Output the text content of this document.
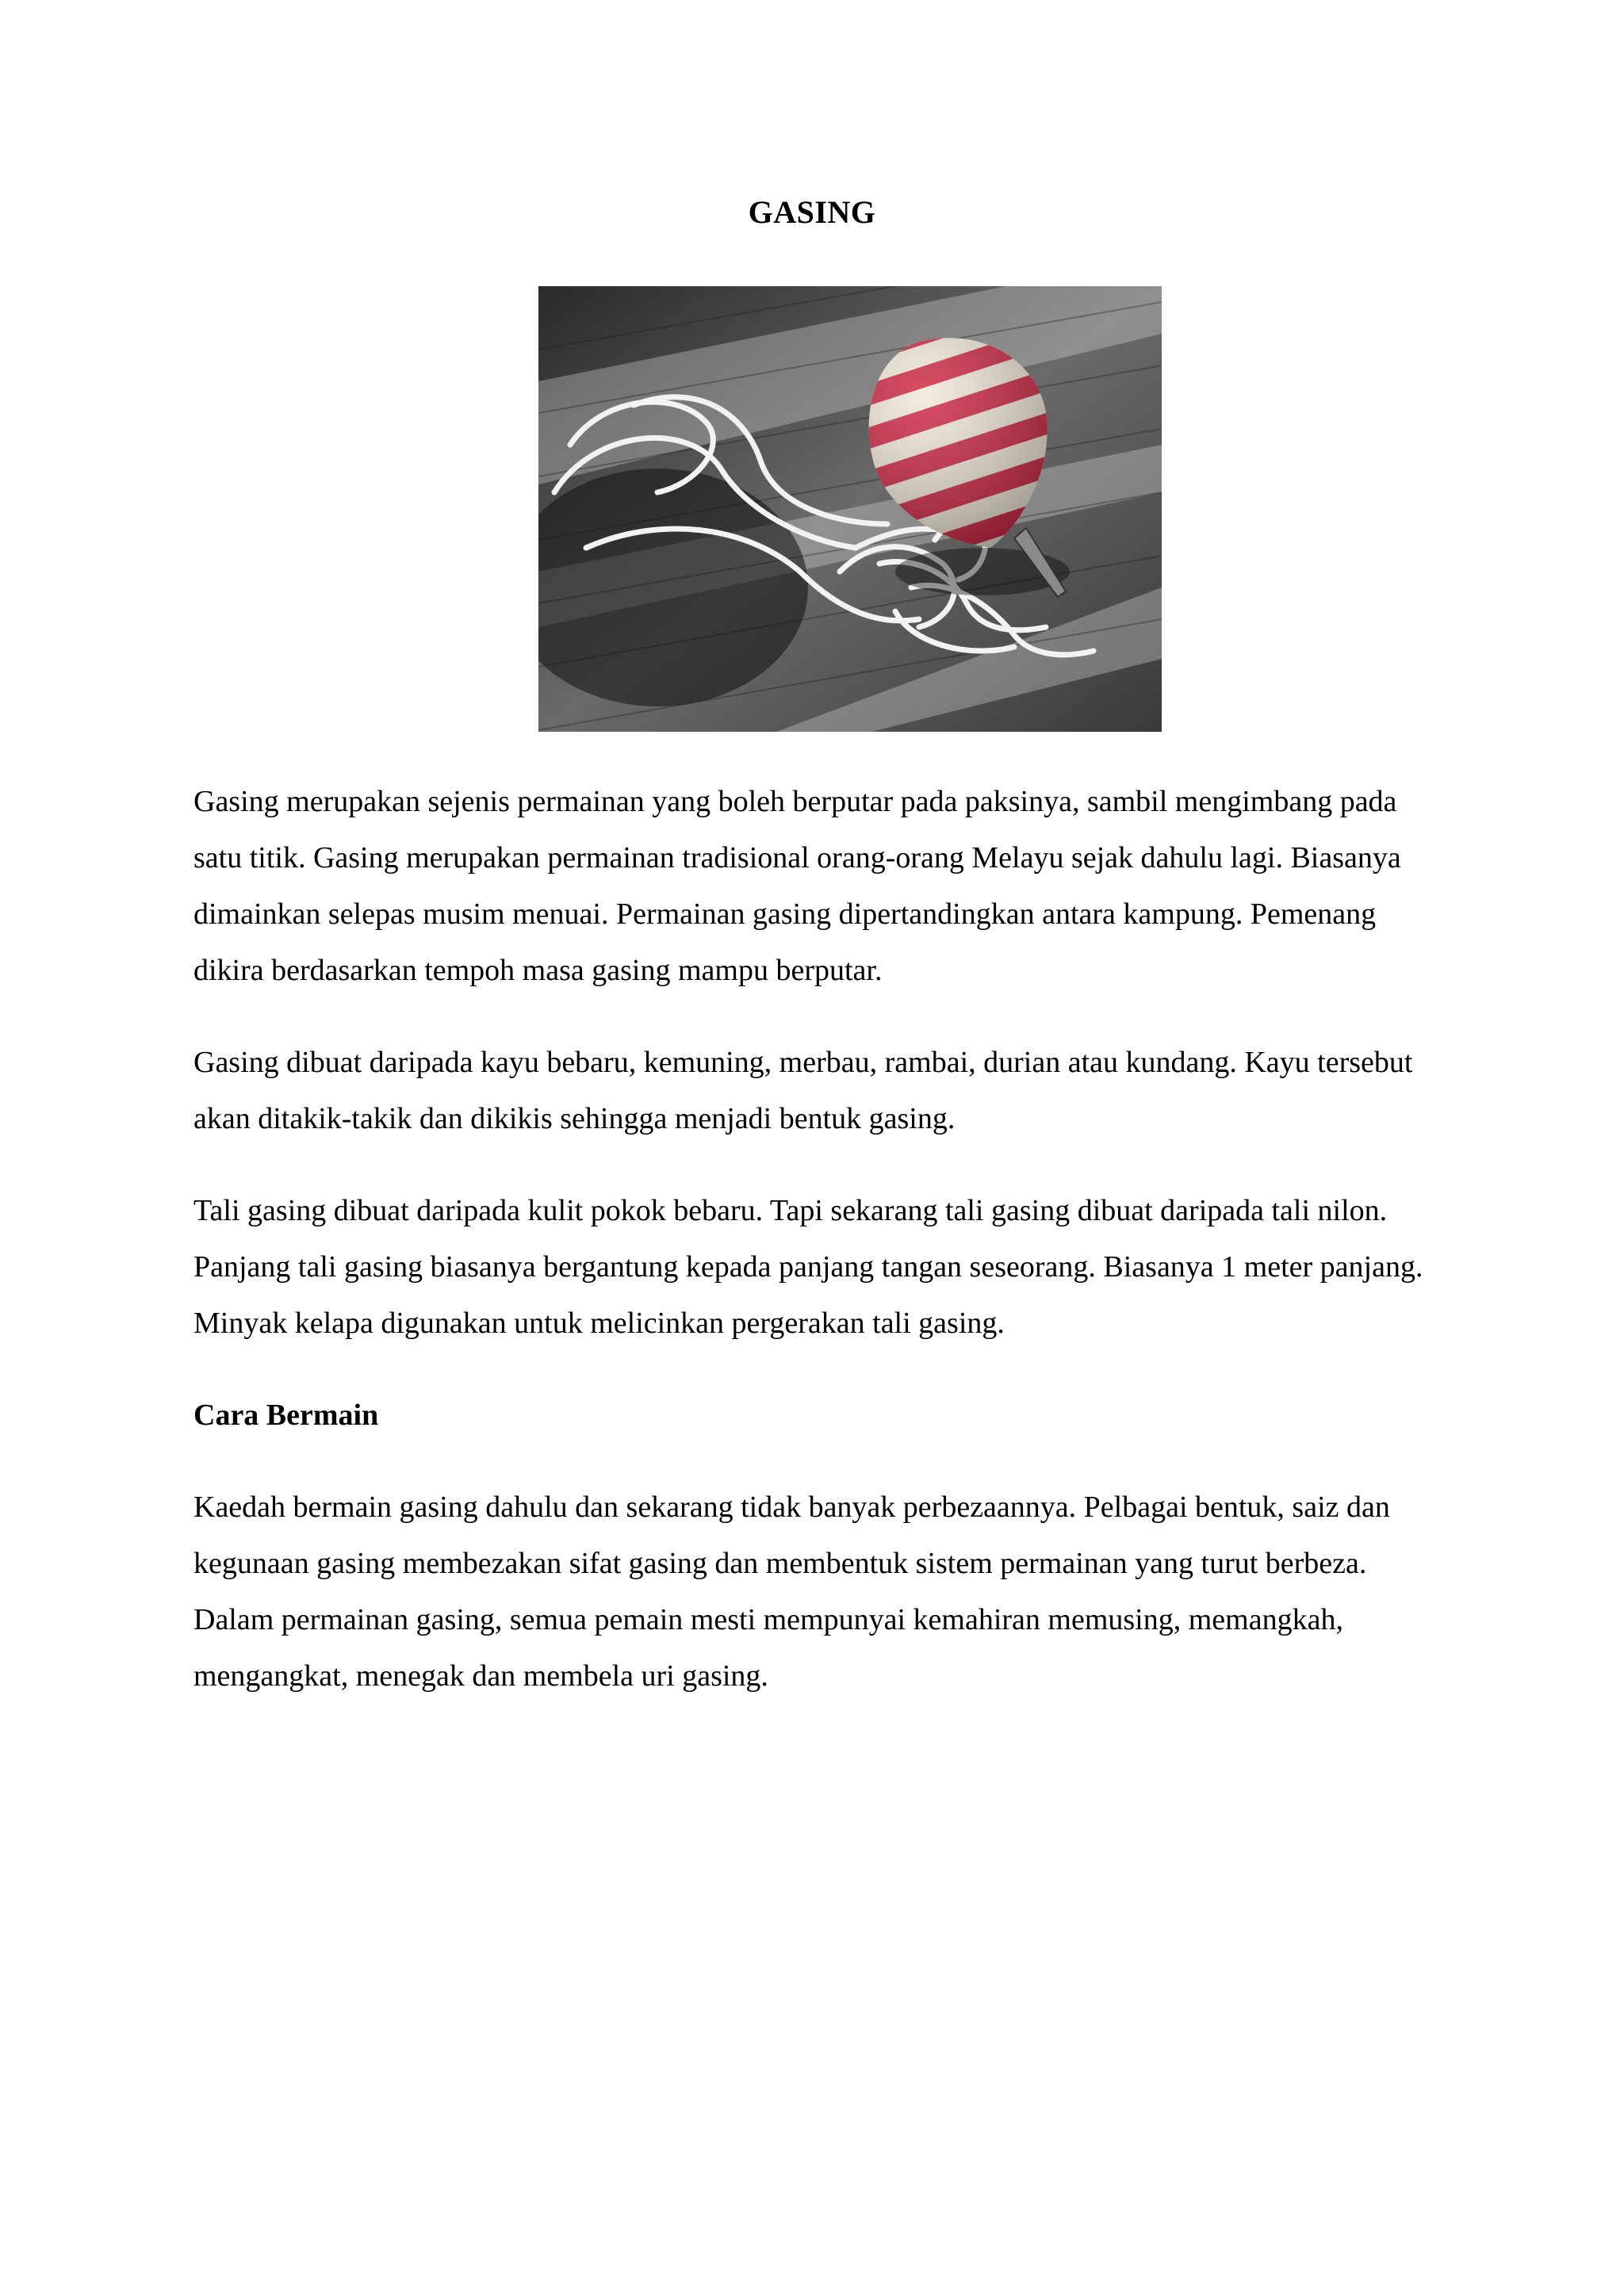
GASING

Gasing merupakan sejenis permainan yang boleh berputar pada paksinya, sambil mengimbang pada satu titik. Gasing merupakan permainan tradisional orang-orang Melayu sejak dahulu lagi. Biasanya dimainkan selepas musim menuai. Permainan gasing dipertandingkan antara kampung. Pemenang dikira berdasarkan tempoh masa gasing mampu berputar.

Gasing dibuat daripada kayu bebaru, kemuning, merbau, rambai, durian atau kundang. Kayu tersebut akan ditakik-takik dan dikikis sehingga menjadi bentuk gasing.

Tali gasing dibuat daripada kulit pokok bebaru. Tapi sekarang tali gasing dibuat daripada tali nilon. Panjang tali gasing biasanya bergantung kepada panjang tangan seseorang. Biasanya 1 meter panjang. Minyak kelapa digunakan untuk melicinkan pergerakan tali gasing.

Cara Bermain

Kaedah bermain gasing dahulu dan sekarang tidak banyak perbezaannya. Pelbagai bentuk, saiz dan kegunaan gasing membezakan sifat gasing dan membentuk sistem permainan yang turut berbeza. Dalam permainan gasing, semua pemain mesti mempunyai kemahiran memusing, memangkah, mengangkat, menegak dan membela uri gasing.
